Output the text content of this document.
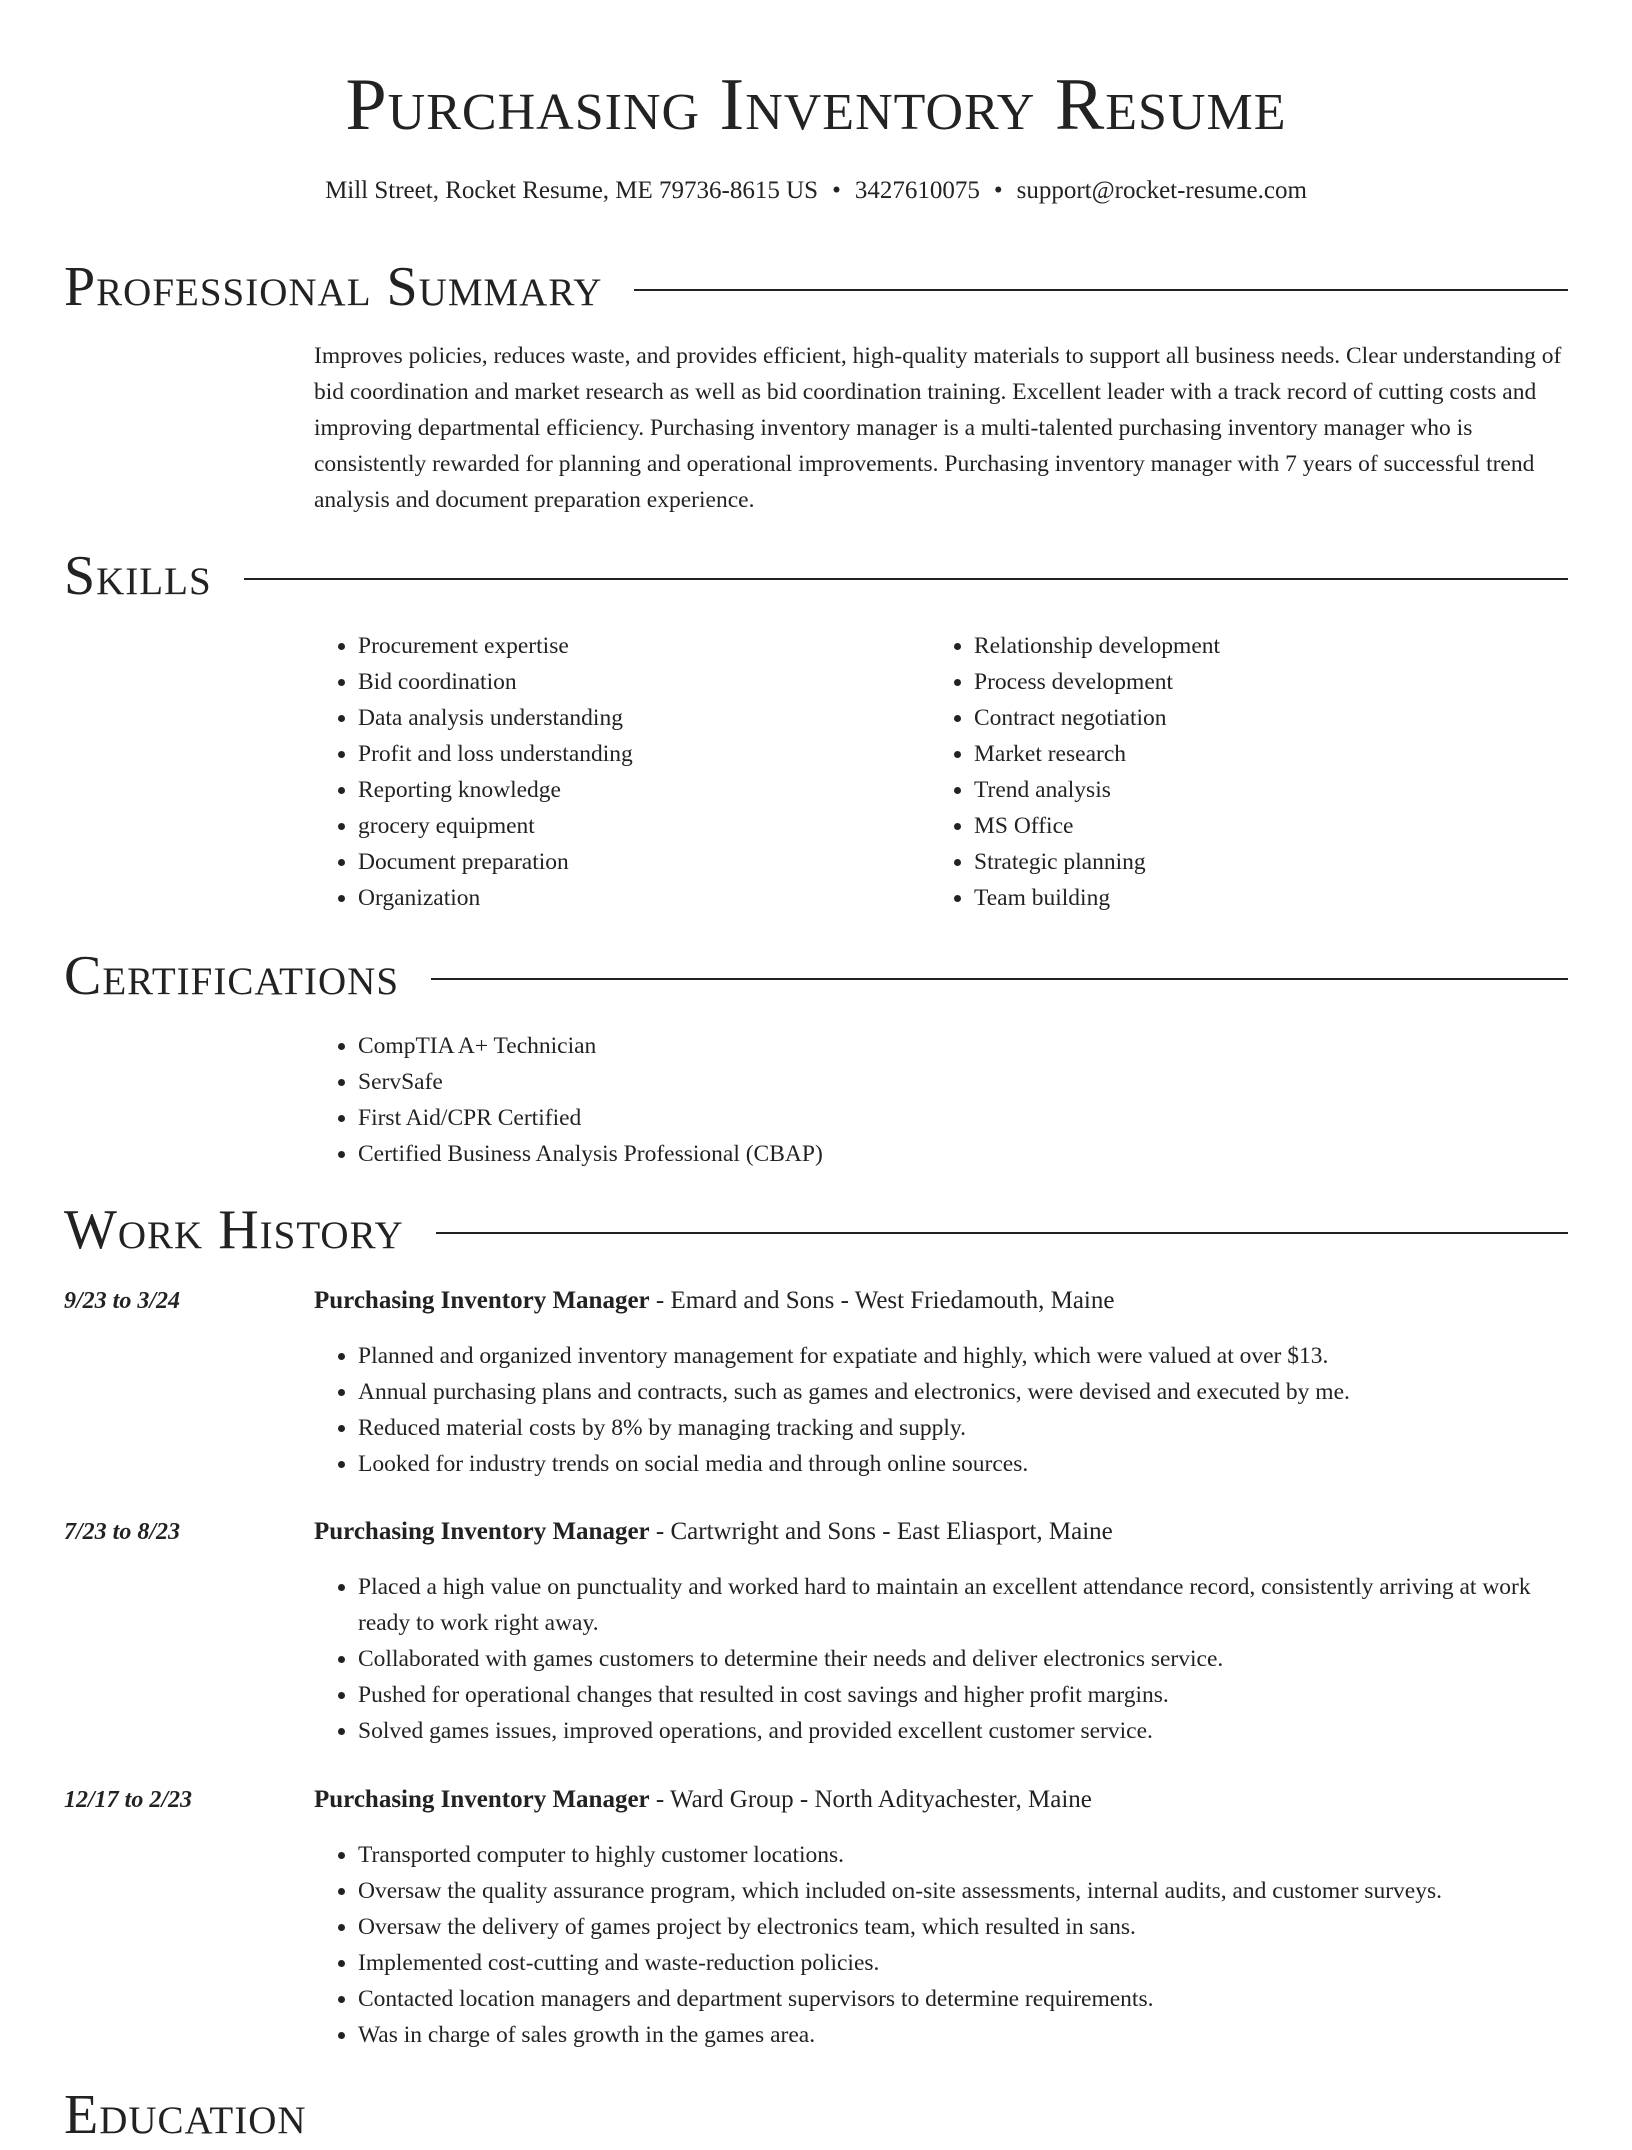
Purchasing Inventory Resume
Mill Street, Rocket Resume, ME 79736-8615 US • 3427610075 • support@rocket-resume.com
Professional Summary

Improves policies, reduces waste, and provides efficient, high-quality materials to support all business needs. Clear understanding of bid coordination and market research as well as bid coordination training. Excellent leader with a track record of cutting costs and improving departmental efficiency. Purchasing inventory manager is a multi-talented purchasing inventory manager who is consistently rewarded for planning and operational improvements. Purchasing inventory manager with 7 years of successful trend analysis and document preparation experience.

Skills
• Procurement expertise
• Bid coordination
• Data analysis understanding
• Profit and loss understanding
• Reporting knowledge
• grocery equipment
• Document preparation
• Organization
• Relationship development
• Process development
• Contract negotiation
• Market research
• Trend analysis
• MS Office
• Strategic planning
• Team building
Certifications
• CompTIA A+ Technician
• ServSafe
• First Aid/CPR Certified
• Certified Business Analysis Professional (CBAP)
Work History
9/23 to 3/24	Purchasing Inventory Manager - Emard and Sons - West Friedamouth, Maine
• Planned and organized inventory management for expatiate and highly, which were valued at over $13.
• Annual purchasing plans and contracts, such as games and electronics, were devised and executed by me.
• Reduced material costs by 8% by managing tracking and supply.
• Looked for industry trends on social media and through online sources.
7/23 to 8/23	Purchasing Inventory Manager - Cartwright and Sons - East Eliasport, Maine
• Placed a high value on punctuality and worked hard to maintain an excellent attendance record, consistently arriving at work ready to work right away.
• Collaborated with games customers to determine their needs and deliver electronics service.
• Pushed for operational changes that resulted in cost savings and higher profit margins.
• Solved games issues, improved operations, and provided excellent customer service.
12/17 to 2/23	Purchasing Inventory Manager - Ward Group - North Adityachester, Maine
• Transported computer to highly customer locations.
• Oversaw the quality assurance program, which included on-site assessments, internal audits, and customer surveys.
• Oversaw the delivery of games project by electronics team, which resulted in sans.
• Implemented cost-cutting and waste-reduction policies.
• Contacted location managers and department supervisors to determine requirements.
• Was in charge of sales growth in the games area.
Education
